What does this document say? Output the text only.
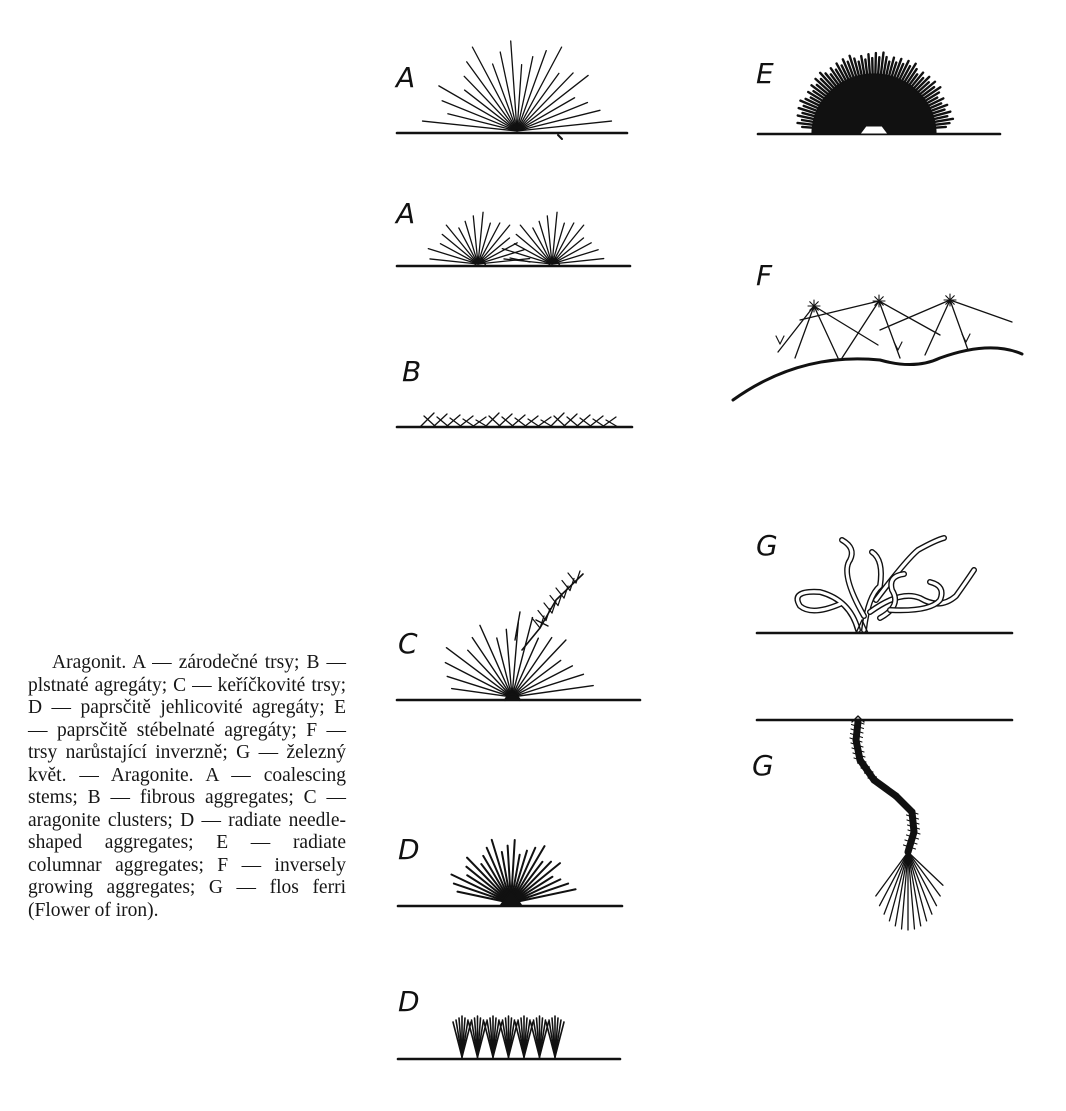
A
A
B
C
D
D
E
F
G
G

Aragonit. A — zárodečné trsy; B — plstnaté agregáty; C — keříčkovité trsy; D — paprsčitě jehlicovité agregáty; E — paprsčitě stébelnaté agregáty; F — trsy narůstající inverzně; G — železný květ. — Aragonite. A — coalescing stems; B — fibrous aggregates; C — aragonite clusters; D — radiate needle-shaped aggregates; E — radiate columnar aggregates; F — inversely growing aggregates; G — flos ferri (Flower of iron).
